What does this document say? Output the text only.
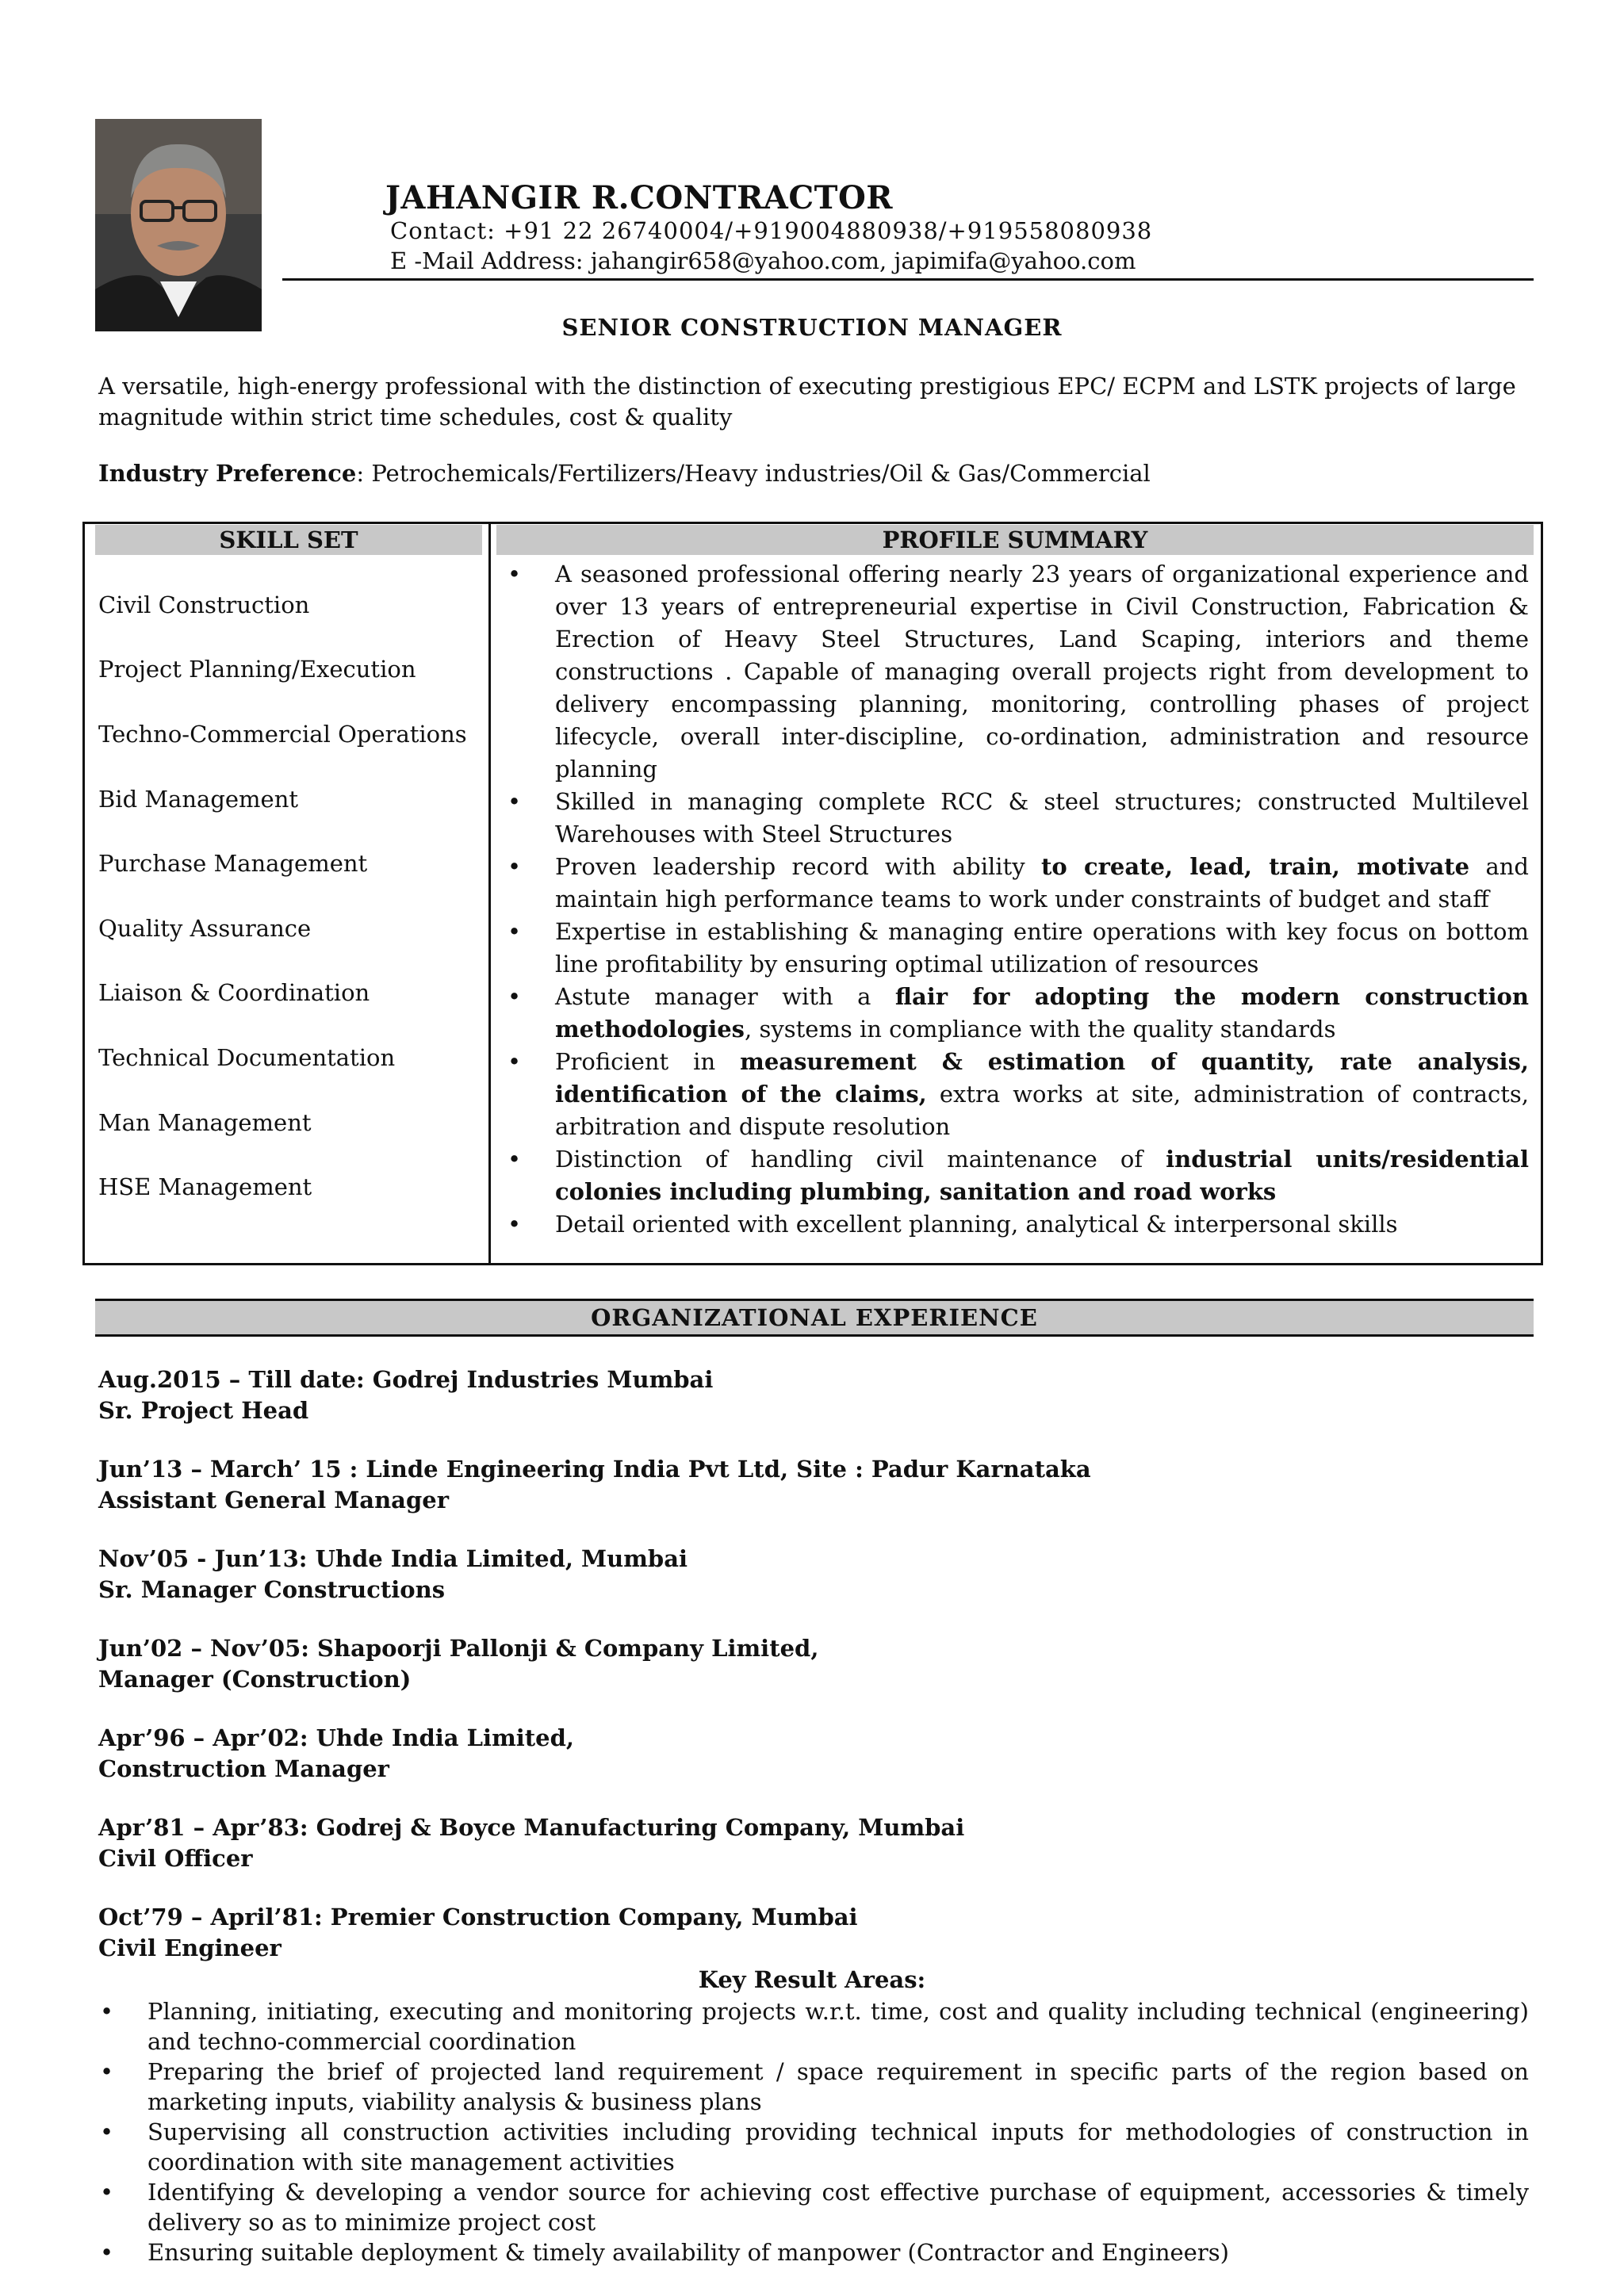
JAHANGIR R.CONTRACTOR
Contact: +91 22 26740004/+919004880938/+919558080938
E -Mail Address: jahangir658@yahoo.com, japimifa@yahoo.com
SENIOR CONSTRUCTION MANAGER
A versatile, high-energy professional with the distinction of executing prestigious EPC/ ECPM and LSTK projects of large magnitude within strict time schedules, cost & quality
Industry Preference: Petrochemicals/Fertilizers/Heavy industries/Oil & Gas/Commercial
SKILL SET	PROFILE SUMMARY
Civil Construction
Project Planning/Execution
Techno-Commercial Operations
Bid Management
Purchase Management
Quality Assurance
Liaison & Coordination
Technical Documentation
Man Management
HSE Management
• A seasoned professional offering nearly 23 years of organizational experience and over 13 years of entrepreneurial expertise in Civil Construction, Fabrication & Erection of Heavy Steel Structures, Land Scaping, interiors and theme constructions . Capable of managing overall projects right from development to delivery encompassing planning, monitoring, controlling phases of project lifecycle, overall inter-discipline, co-ordination, administration and resource planning
• Skilled in managing complete RCC & steel structures; constructed Multilevel Warehouses with Steel Structures
• Proven leadership record with ability to create, lead, train, motivate and maintain high performance teams to work under constraints of budget and staff
• Expertise in establishing & managing entire operations with key focus on bottom line profitability by ensuring optimal utilization of resources
• Astute manager with a flair for adopting the modern construction methodologies, systems in compliance with the quality standards
• Proficient in measurement & estimation of quantity, rate analysis, identification of the claims, extra works at site, administration of contracts, arbitration and dispute resolution
• Distinction of handling civil maintenance of industrial units/residential colonies including plumbing, sanitation and road works
• Detail oriented with excellent planning, analytical & interpersonal skills
ORGANIZATIONAL EXPERIENCE
Aug.2015 – Till date: Godrej Industries Mumbai
Sr. Project Head
Jun’13 – March’ 15 : Linde Engineering India Pvt Ltd, Site : Padur Karnataka
Assistant General Manager
Nov’05 - Jun’13: Uhde India Limited, Mumbai
Sr. Manager Constructions
Jun’02 – Nov’05: Shapoorji Pallonji & Company Limited,
Manager (Construction)
Apr’96 – Apr’02: Uhde India Limited,
Construction Manager
Apr’81 – Apr’83: Godrej & Boyce Manufacturing Company, Mumbai
Civil Officer
Oct’79 – April’81: Premier Construction Company, Mumbai
Civil Engineer
Key Result Areas:
• Planning, initiating, executing and monitoring projects w.r.t. time, cost and quality including technical (engineering) and techno-commercial coordination
• Preparing the brief of projected land requirement / space requirement in specific parts of the region based on marketing inputs, viability analysis & business plans
• Supervising all construction activities including providing technical inputs for methodologies of construction in coordination with site management activities
• Identifying & developing a vendor source for achieving cost effective purchase of equipment, accessories & timely delivery so as to minimize project cost
• Ensuring suitable deployment & timely availability of manpower (Contractor and Engineers)
